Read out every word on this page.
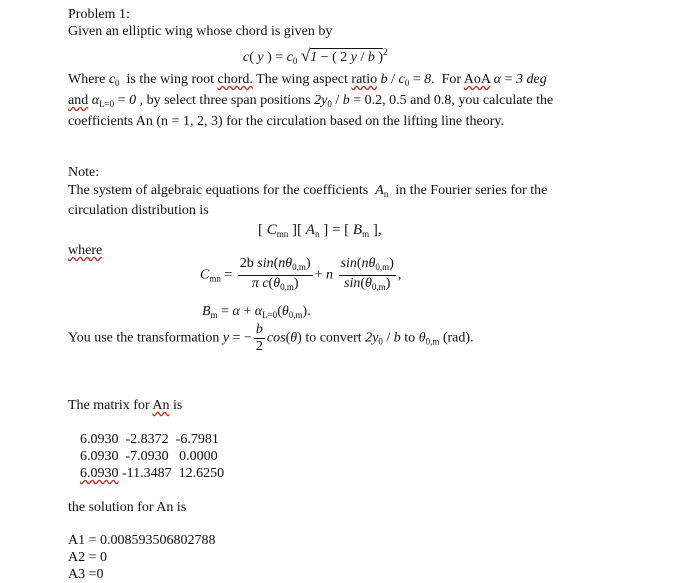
Problem 1:
Given an elliptic wing whose chord is given by
c( y ) = $c_0$ √1 − ( 2 y / b )$^2$
Where $c_0$  is the wing root chord. The wing aspect ratio $b / c_0 = 8$.  For AoA α = 3 deg
and $\alpha_{L=0} = 0$ , by select three span positions $2y_0 / b = 0.2$, 0.5 and 0.8, you calculate the
coefficients An (n = 1, 2, 3) for the circulation based on the lifting line theory.
Note:
The system of algebraic equations for the coefficients  $A_n$  in the Fourier series for the
circulation distribution is
[ $C_{mn}$ ][ $A_n$ ] = [ $B_m$ ],
where
$C_{mn} = \frac{2b \sin(n\theta_{0,m})}{\pi c(\theta_{0,m})} + n \frac{\sin(n\theta_{0,m})}{\sin(\theta_{0,m})}$ ,
$B_m = \alpha + \alpha_{L=0}(\theta_{0,m})$.
You use the transformation y = − $\frac{b}{2} \cos(\theta)$ to convert $2y_0$ / b to $\theta_{0,m}$ (rad).
The matrix for An is
6.0930 -2.8372 -6.7981
6.0930 -7.0930 0.0000
6.0930 -11.3487 12.6250
the solution for An is
A1 = 0.008593506802788
A2 = 0
A3 =0
